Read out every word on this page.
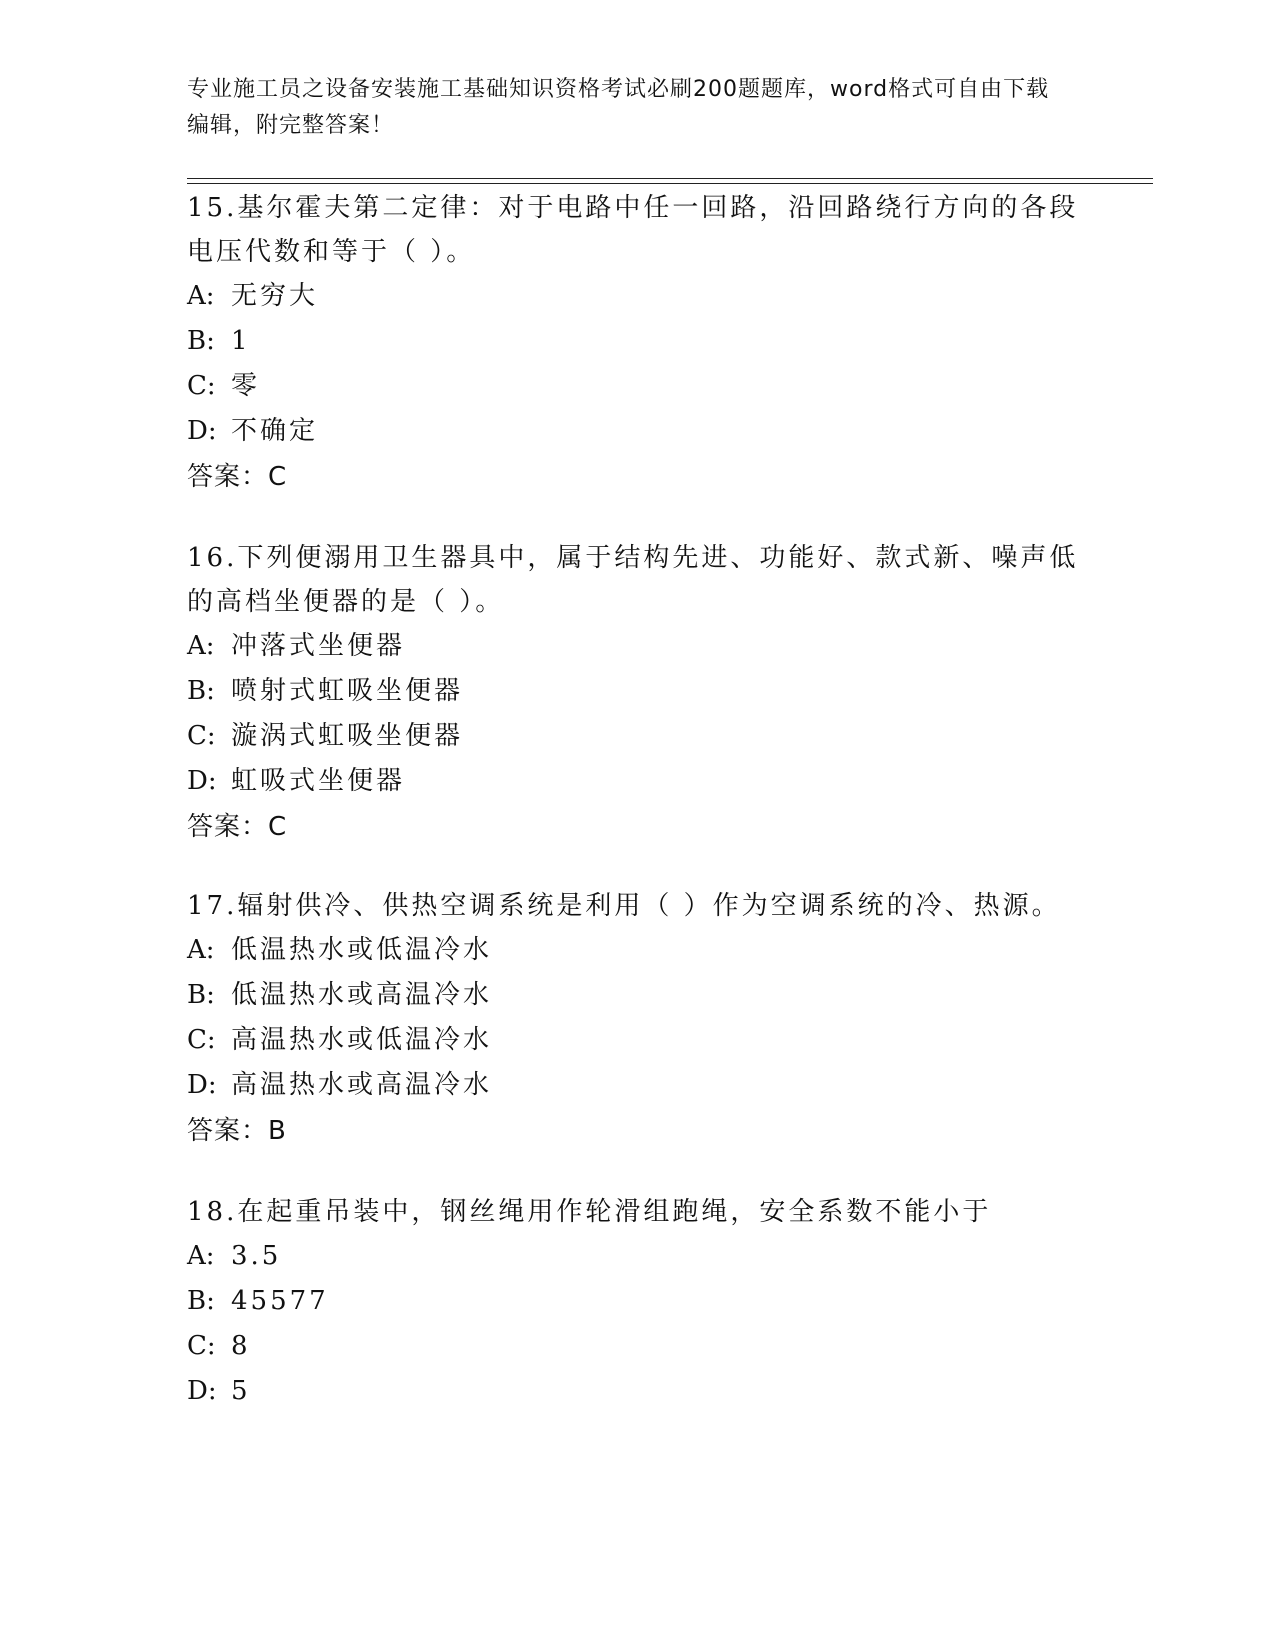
专业施工员之设备安装施工基础知识资格考试必刷200题题库，word格式可自由下载编辑，附完整答案！

15.基尔霍夫第二定律：对于电路中任一回路，沿回路绕行方向的各段电压代数和等于（ ）。

A: 无穷大
B: 1
C: 零
D: 不确定

答案：C

16.下列便溺用卫生器具中，属于结构先进、功能好、款式新、噪声低的高档坐便器的是（ ）。

A: 冲落式坐便器
B: 喷射式虹吸坐便器
C: 漩涡式虹吸坐便器
D: 虹吸式坐便器

答案：C

17.辐射供冷、供热空调系统是利用（ ）作为空调系统的冷、热源。

A: 低温热水或低温冷水
B: 低温热水或高温冷水
C: 高温热水或低温冷水
D: 高温热水或高温冷水

答案：B

18.在起重吊装中，钢丝绳用作轮滑组跑绳，安全系数不能小于

A: 3.5
B: 45577
C: 8
D: 5
